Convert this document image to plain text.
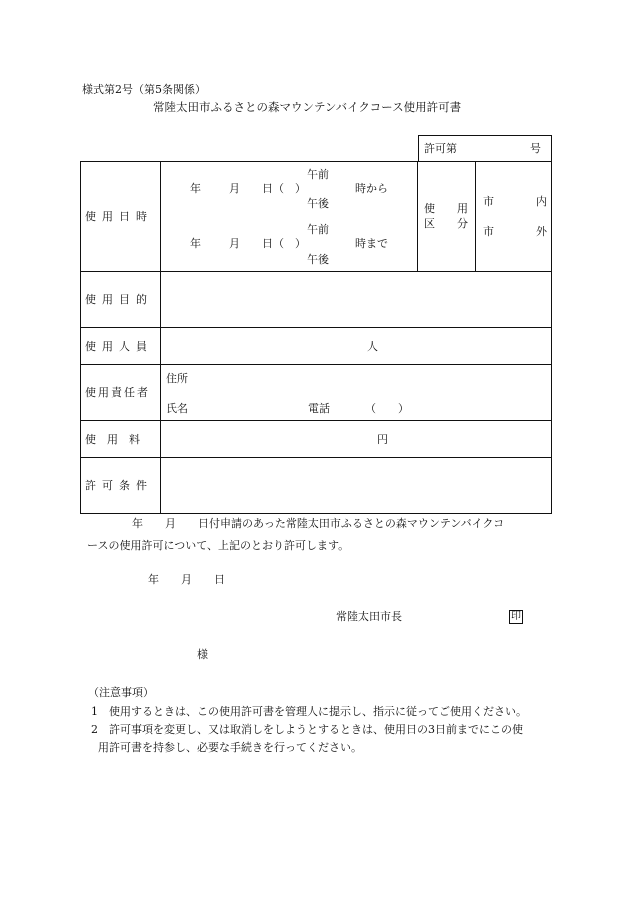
様式第2号（第5条関係）
常陸太田市ふるさとの森マウンテンバイクコース使用許可書
許可第	号
使用日時
年	月 日（　）
午前
午後
時から
年	月 日（　）
午前
午後
時まで
使　　用
区　　分
市	内
市	外
使用目的
使用人員	人
使用責任者
住所
氏名	電話	（　　）
使　用　料	円
許可条件
　　年　　月　　日付申請のあった常陸太田市ふるさとの森マウンテンバイクコ
ースの使用許可について、上記のとおり許可します。
年　　月　　日
常陸太田市長	印
様
（注意事項）
1　使用するときは、この使用許可書を管理人に提示し、指示に従ってご使用ください。
2　許可事項を変更し、又は取消しをしようとするときは、使用日の3日前までにこの使
用許可書を持参し、必要な手続きを行ってください。
